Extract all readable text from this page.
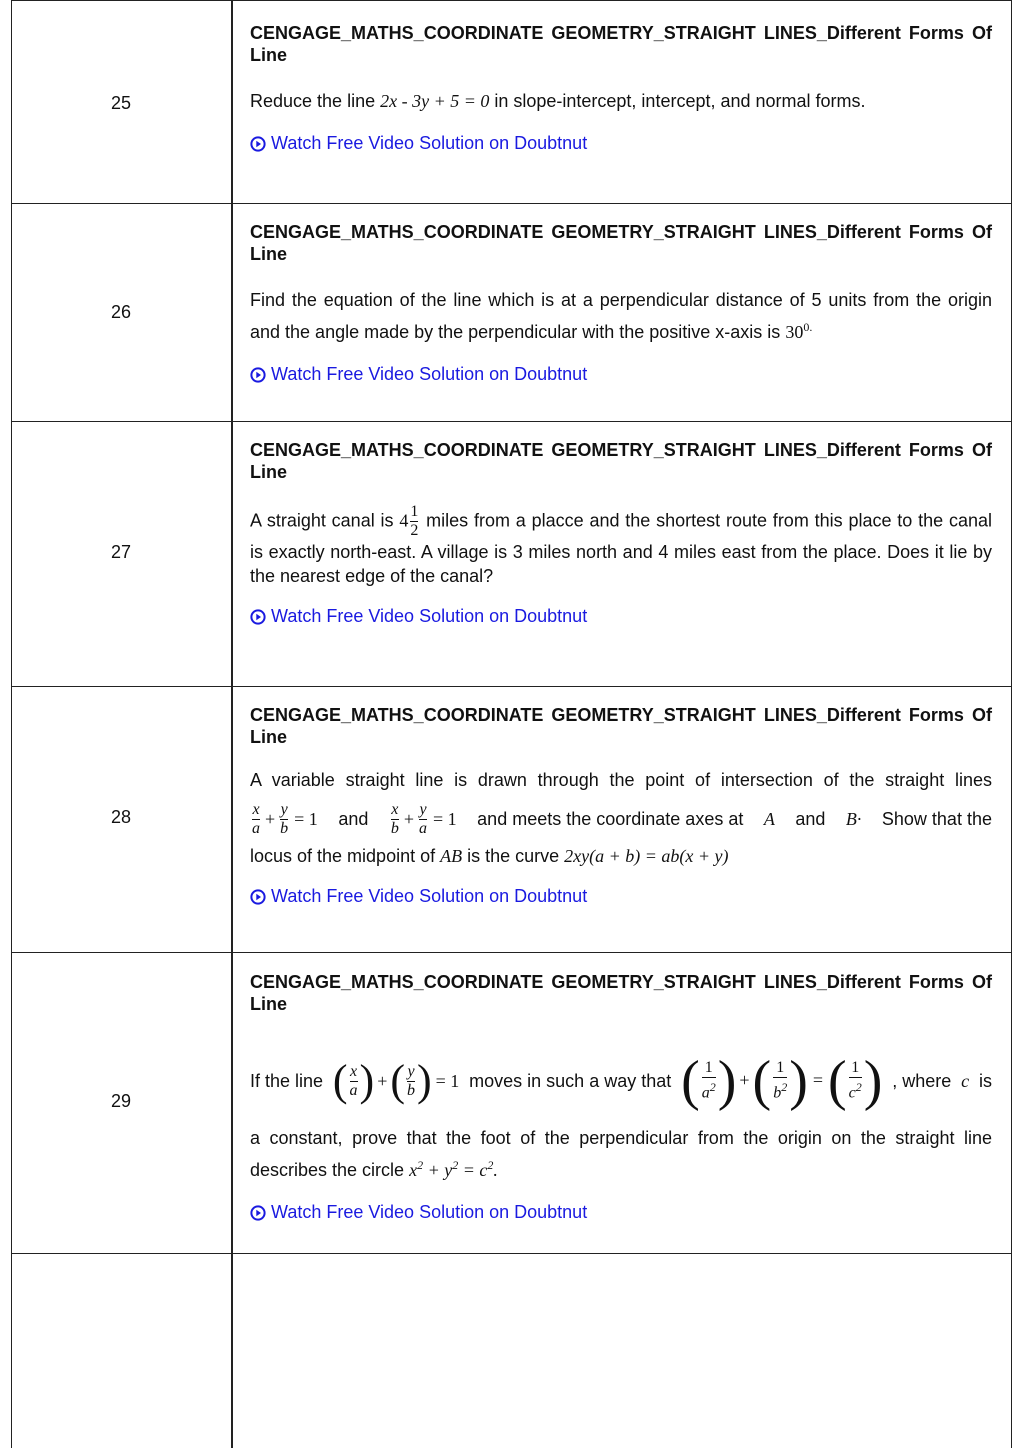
25
CENGAGE_MATHS_COORDINATE GEOMETRY_STRAIGHT LINES_Different Forms Of Line
Reduce the line 2x - 3y + 5 = 0 in slope-intercept, intercept, and normal forms.
Watch Free Video Solution on Doubtnut
26
CENGAGE_MATHS_COORDINATE GEOMETRY_STRAIGHT LINES_Different Forms Of Line
Find the equation of the line which is at a perpendicular distance of 5 units from the origin and the angle made by the perpendicular with the positive x-axis is $30^{0.}$
Watch Free Video Solution on Doubtnut
27
CENGAGE_MATHS_COORDINATE GEOMETRY_STRAIGHT LINES_Different Forms Of Line
A straight canal is $4 \frac{1}{2}$ miles from a placce and the shortest route from this place to the canal is exactly north-east. A village is 3 miles north and 4 miles east from the place. Does it lie by the nearest edge of the canal?
Watch Free Video Solution on Doubtnut
28
CENGAGE_MATHS_COORDINATE GEOMETRY_STRAIGHT LINES_Different Forms Of Line
A variable straight line is drawn through the point of intersection of the straight lines
$\frac{x}{a} + \frac{y}{b} = 1$ and $\frac{x}{b} + \frac{y}{a} = 1$ and meets the coordinate axes at A and B· Show that the
locus of the midpoint of AB is the curve 2xy(a + b) = ab(x + y)
Watch Free Video Solution on Doubtnut
29
CENGAGE_MATHS_COORDINATE GEOMETRY_STRAIGHT LINES_Different Forms Of Line
If the line ( $\frac{x}{a}$ ) + ( $\frac{y}{b}$ ) = 1 moves in such a way that ( $\frac{1}{a^2}$ ) + ( $\frac{1}{b^2}$ ) = ( $\frac{1}{c^2}$ ) , where c is
a constant, prove that the foot of the perpendicular from the origin on the straight line describes the circle $x^2 + y^2 = c^2$.
Watch Free Video Solution on Doubtnut
